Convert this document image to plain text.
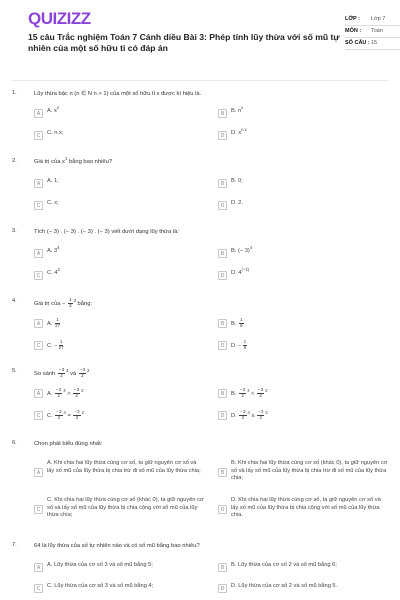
QUIZIZZ
15 câu Trắc nghiệm Toán 7 Cánh diều Bài 3: Phép tính lũy thừa với số mũ tự nhiên của một số hữu tỉ có đáp án
LỚP :	Lớp 7
MÔN :	Toán
SỐ CÂU : 15
1.	Lũy thừa bậc n (n ∈ N n > 1) của một số hữu tỉ x được kí hiệu là.
A	A. $x^n$
B	B. $n^x$
C	C. n.x;	D	D. $x^{n.x}$
2.	Giá trị của $x^1$ bằng bao nhiêu?
A	A. 1;	B	B. 0;
C	C. x;	D	D. 2.
3.	Tích (− 3) . (− 3) . (− 3) . (− 3) viết dưới dạng lũy thừa là:
A	A. $3^4$
B	B. (− 3)$^4$
C	C. $4^3$
D	D. $4^{(-3)}$
4.	Giá trị của − $\frac{1}{3} ^3$ bằng:
A	A. $\frac{1}{27}$	B	B. $\frac{1}{9}$
C	C. − $\frac{1}{27}$	D	D. − $\frac{1}{9}$
5.	So sánh $\frac{-3}{2} ^4$ và $\frac{-3}{2} ^2$
A	A. $\frac{-3}{2} ^4 > \frac{-3}{2} ^2$
B	B. $\frac{-3}{2} ^4 < \frac{-3}{2} ^2$
C	C. $\frac{-3}{2} ^4 = \frac{-3}{2} ^2$
D	D. $\frac{-3}{2} ^4 \le \frac{-3}{2} ^2$
6.	Chọn phát biểu đúng nhất:
A
A. Khi chia hai lũy thừa cùng cơ số, ta giữ nguyên cơ số và lấy số mũ của lũy thừa bị chia trừ đi số mũ của lũy thừa chia;	B
B. Khi chia hai lũy thừa cùng cơ số (khác 0), ta giữ nguyên cơ số và lấy số mũ của lũy thừa bị chia trừ đi số mũ của lũy thừa chia;
C
C. Khi chia hai lũy thừa cùng cơ số (khác 0), ta giữ nguyên cơ số và lấy số mũ của lũy thừa bị chia cộng với số mũ của lũy thừa chia;
D
D. Khi chia hai lũy thừa cùng cơ số, ta giữ nguyên cơ số và lấy số mũ của lũy thừa bị chia cộng với số mũ của lũy thừa chia.
7.	64 là lũy thừa của số tự nhiên nào và có số mũ bằng bao nhiêu?
A	A. Lũy thừa của cơ số 3 và số mũ bằng 5;	B	B. Lũy thừa của cơ số 2 và số mũ bằng 6;
C	C. Lũy thừa của cơ số 3 và số mũ bằng 4;	D	D. Lũy thừa của cơ số 2 và số mũ bằng 5.
